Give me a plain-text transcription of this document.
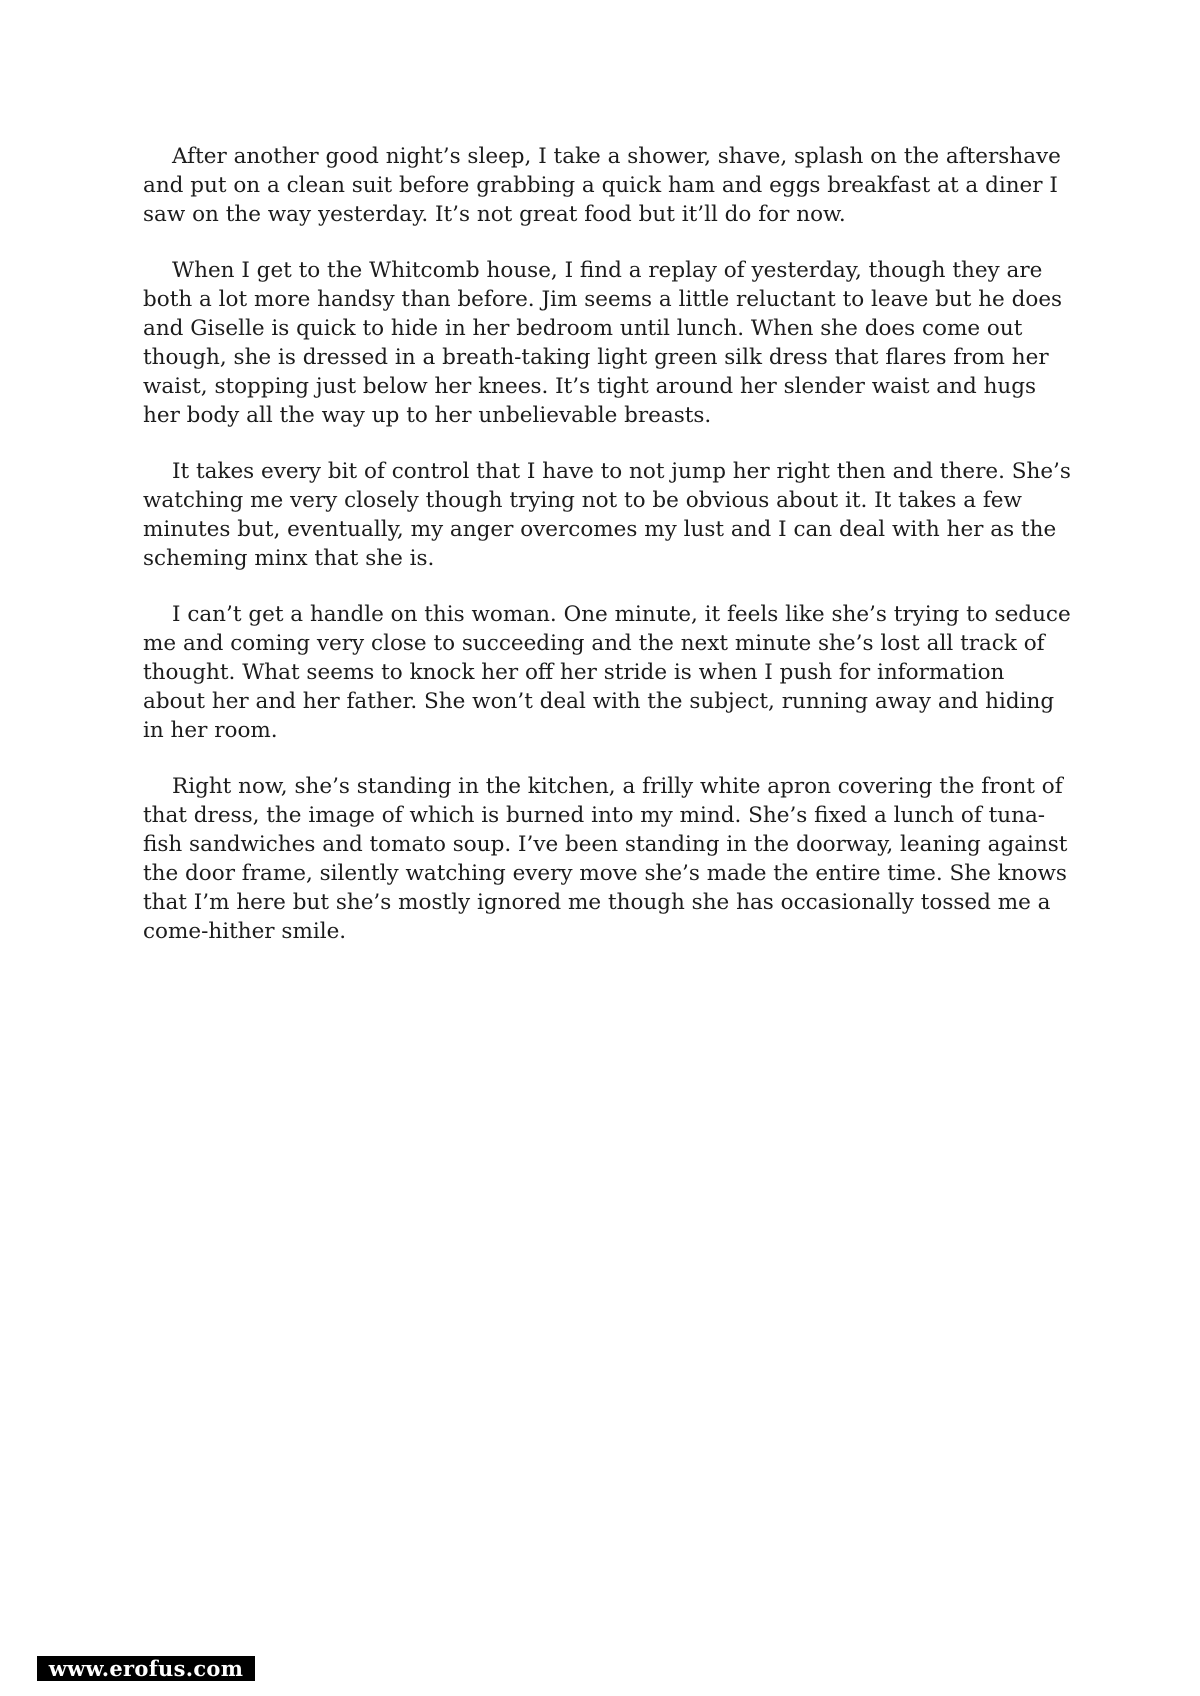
After another good night’s sleep, I take a shower, shave, splash on the aftershave and put on a clean suit before grabbing a quick ham and eggs breakfast at a diner I saw on the way yesterday. It’s not great food but it’ll do for now.

When I get to the Whitcomb house, I find a replay of yesterday, though they are both a lot more handsy than before. Jim seems a little reluctant to leave but he does and Giselle is quick to hide in her bedroom until lunch. When she does come out though, she is dressed in a breath-taking light green silk dress that flares from her waist, stopping just below her knees. It’s tight around her slender waist and hugs her body all the way up to her unbelievable breasts.

It takes every bit of control that I have to not jump her right then and there. She’s watching me very closely though trying not to be obvious about it. It takes a few minutes but, eventually, my anger overcomes my lust and I can deal with her as the scheming minx that she is.

I can’t get a handle on this woman. One minute, it feels like she’s trying to seduce me and coming very close to succeeding and the next minute she’s lost all track of thought. What seems to knock her off her stride is when I push for information about her and her father. She won’t deal with the subject, running away and hiding in her room.

Right now, she’s standing in the kitchen, a frilly white apron covering the front of that dress, the image of which is burned into my mind. She’s fixed a lunch of tuna-fish sandwiches and tomato soup. I’ve been standing in the doorway, leaning against the door frame, silently watching every move she’s made the entire time. She knows that I’m here but she’s mostly ignored me though she has occasionally tossed me a come-hither smile.

www.erofus.com
